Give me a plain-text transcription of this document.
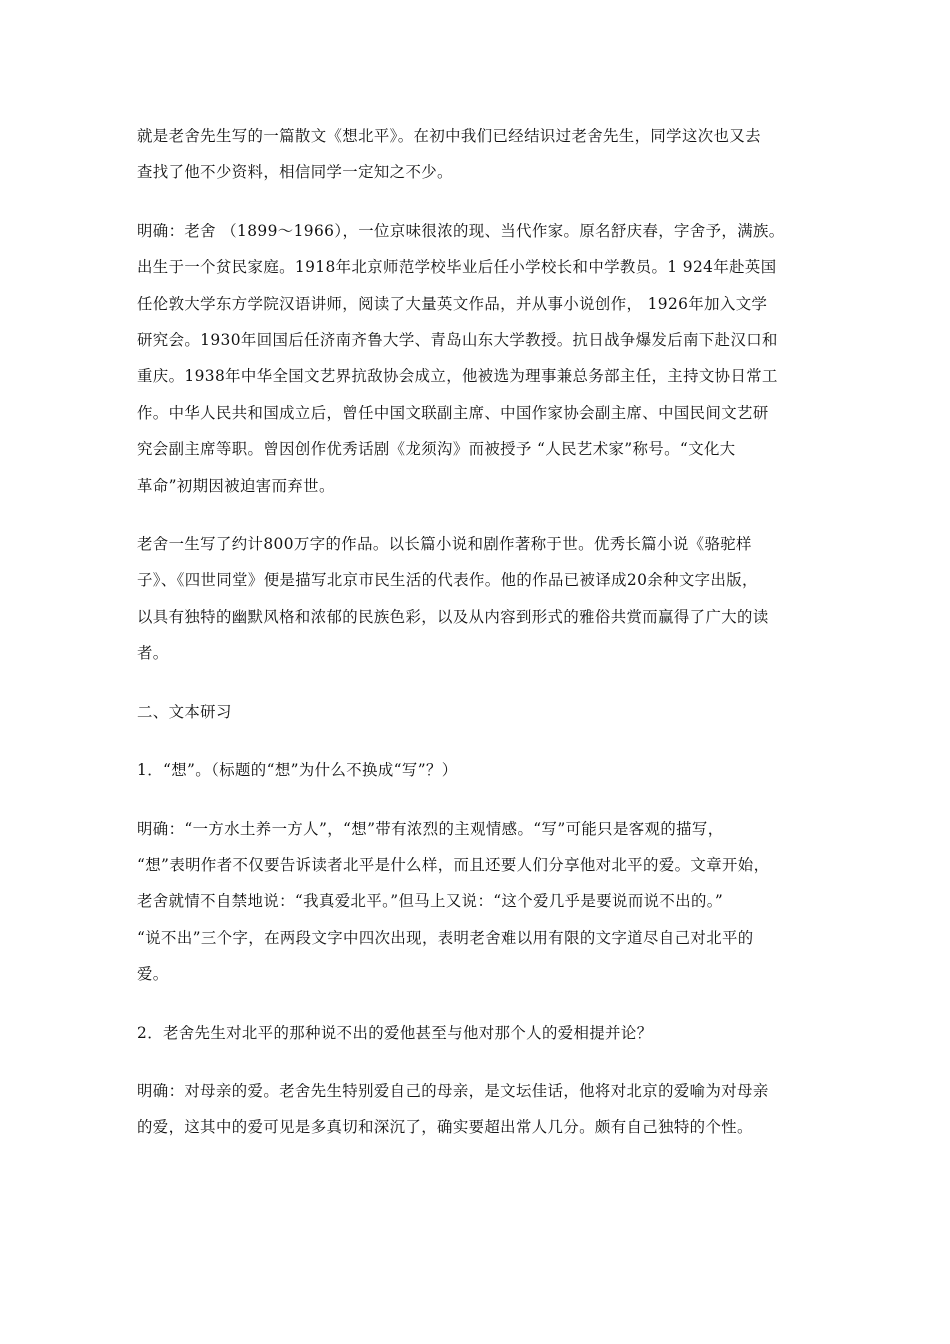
就是老舍先生写的一篇散文《想北平》。在初中我们已经结识过老舍先生，同学这次也又去
查找了他不少资料，相信同学一定知之不少。

明确：老舍 （1899～1966），一位京味很浓的现、当代作家。原名舒庆春，字舍予，满族。
出生于一个贫民家庭。1918年北京师范学校毕业后任小学校长和中学教员。1 924年赴英国
任伦敦大学东方学院汉语讲师，阅读了大量英文作品，并从事小说创作， 1926年加入文学
研究会。1930年回国后任济南齐鲁大学、青岛山东大学教授。抗日战争爆发后南下赴汉口和
重庆。1938年中华全国文艺界抗敌协会成立，他被选为理事兼总务部主任，主持文协日常工
作。中华人民共和国成立后，曾任中国文联副主席、中国作家协会副主席、中国民间文艺研
究会副主席等职。曾因创作优秀话剧《龙须沟》而被授予 “人民艺术家”称号。“文化大
革命”初期因被迫害而弃世。

老舍一生写了约计800万字的作品。以长篇小说和剧作著称于世。优秀长篇小说《骆驼样
子》、《四世同堂》便是描写北京市民生活的代表作。他的作品已被译成20余种文字出版，
以具有独特的幽默风格和浓郁的民族色彩，以及从内容到形式的雅俗共赏而赢得了广大的读
者。

二、文本研习

1．“想”。（标题的“想”为什么不换成“写”？）

明确：“一方水土养一方人”，“想”带有浓烈的主观情感。“写”可能只是客观的描写，
“想”表明作者不仅要告诉读者北平是什么样，而且还要人们分享他对北平的爱。文章开始，
老舍就情不自禁地说：“我真爱北平。”但马上又说：“这个爱几乎是要说而说不出的。”
“说不出”三个字，在两段文字中四次出现，表明老舍难以用有限的文字道尽自己对北平的
爱。

2．老舍先生对北平的那种说不出的爱他甚至与他对那个人的爱相提并论？

明确：对母亲的爱。老舍先生特别爱自己的母亲，是文坛佳话，他将对北京的爱喻为对母亲
的爱，这其中的爱可见是多真切和深沉了，确实要超出常人几分。颇有自己独特的个性。
